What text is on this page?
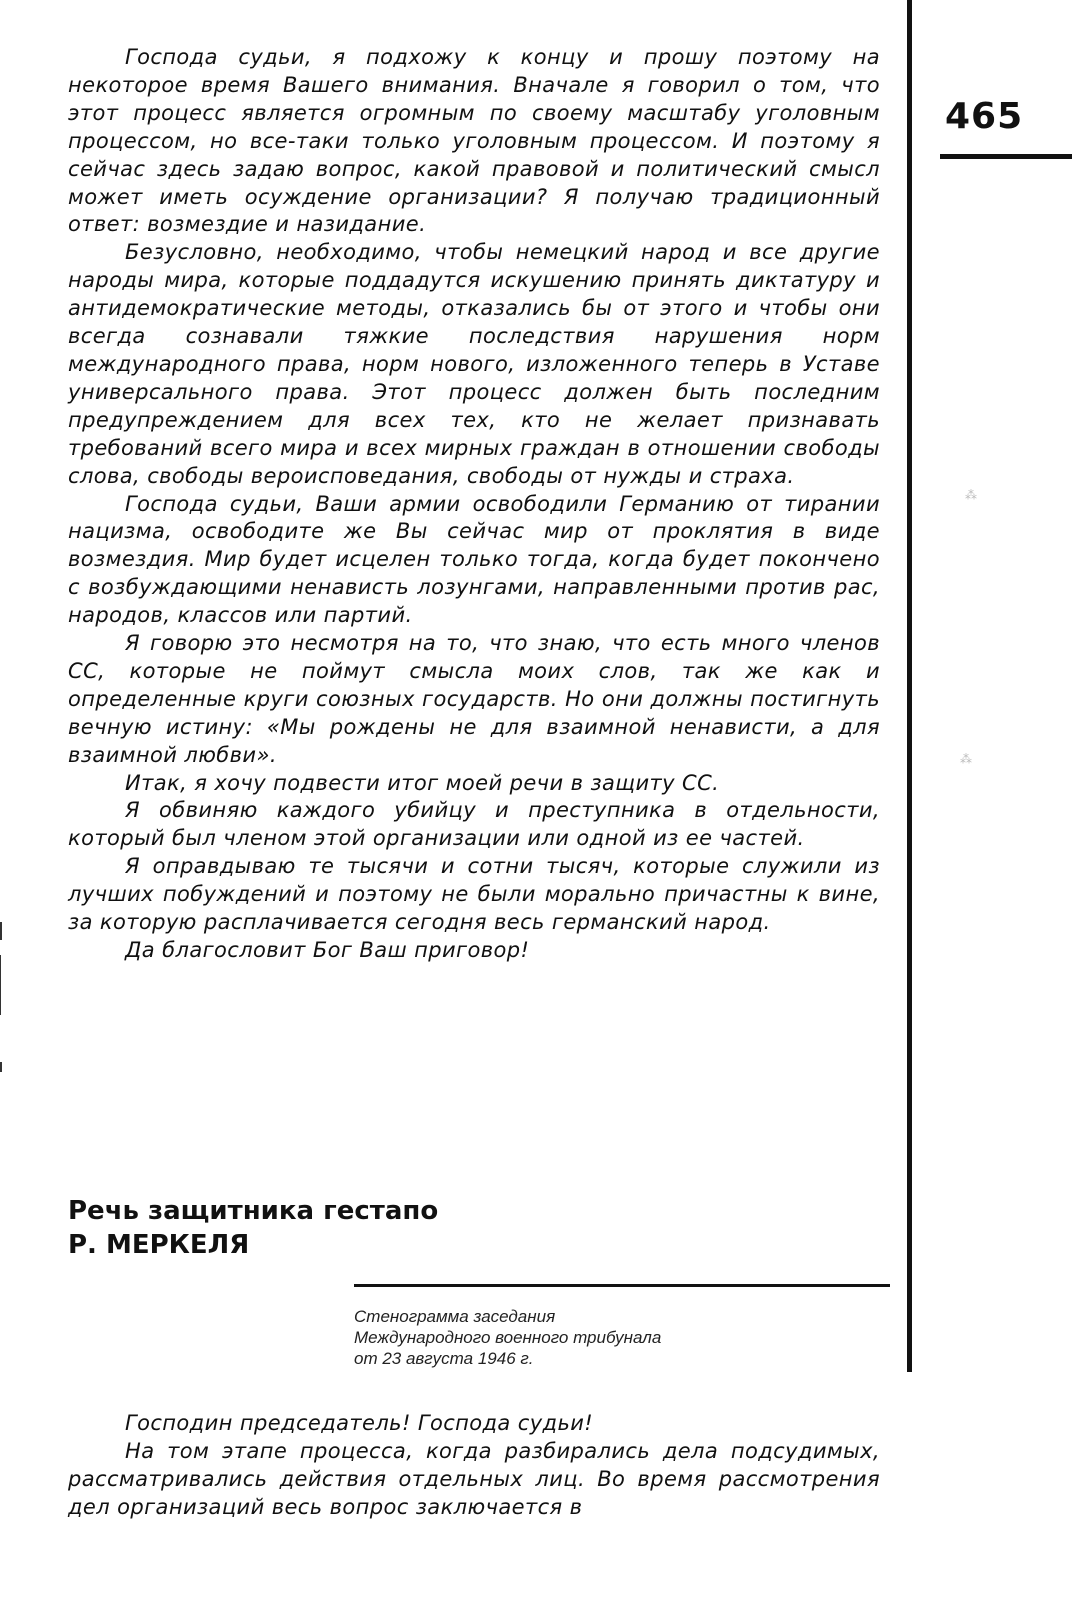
465

Господа судьи, я подхожу к концу и прошу поэтому на некоторое время Вашего внимания. Вначале я говорил о том, что этот процесс является огромным по своему масштабу уголовным процессом, но все-таки только уголовным процессом. И поэтому я сейчас здесь задаю вопрос, какой правовой и политический смысл может иметь осуждение организации? Я получаю традиционный ответ: возмездие и назидание.

Безусловно, необходимо, чтобы немецкий народ и все другие народы мира, которые поддадутся искушению принять диктатуру и антидемократические методы, отказались бы от этого и чтобы они всегда сознавали тяжкие последствия нарушения норм международного права, норм нового, изложенного теперь в Уставе универсального права. Этот процесс должен быть последним предупреждением для всех тех, кто не желает признавать требований всего мира и всех мирных граждан в отношении свободы слова, свободы вероисповедания, свободы от нужды и страха.

Господа судьи, Ваши армии освободили Германию от тирании нацизма, освободите же Вы сейчас мир от проклятия в виде возмездия. Мир будет исцелен только тогда, когда будет покончено с возбуждающими ненависть лозунгами, направленными против рас, народов, классов или партий.

Я говорю это несмотря на то, что знаю, что есть много членов СС, которые не поймут смысла моих слов, так же как и определенные круги союзных государств. Но они должны постигнуть вечную истину: «Мы рождены не для взаимной ненависти, а для взаимной любви».

Итак, я хочу подвести итог моей речи в защиту СС.

Я обвиняю каждого убийцу и преступника в отдельности, который был членом этой организации или одной из ее частей.

Я оправдываю те тысячи и сотни тысяч, которые служили из лучших побуждений и поэтому не были морально причастны к вине, за которую расплачивается сегодня весь германский народ.

Да благословит Бог Ваш приговор!

Речь защитника гестапо
Р. МЕРКЕЛЯ
Стенограмма заседания
Международного военного трибунала
от 23 августа 1946 г.

Господин председатель! Господа судьи!

На том этапе процесса, когда разбирались дела подсудимых, рассматривались действия отдельных лиц. Во время рассмотрения дел организаций весь вопрос заключается в

⁂
⁂
